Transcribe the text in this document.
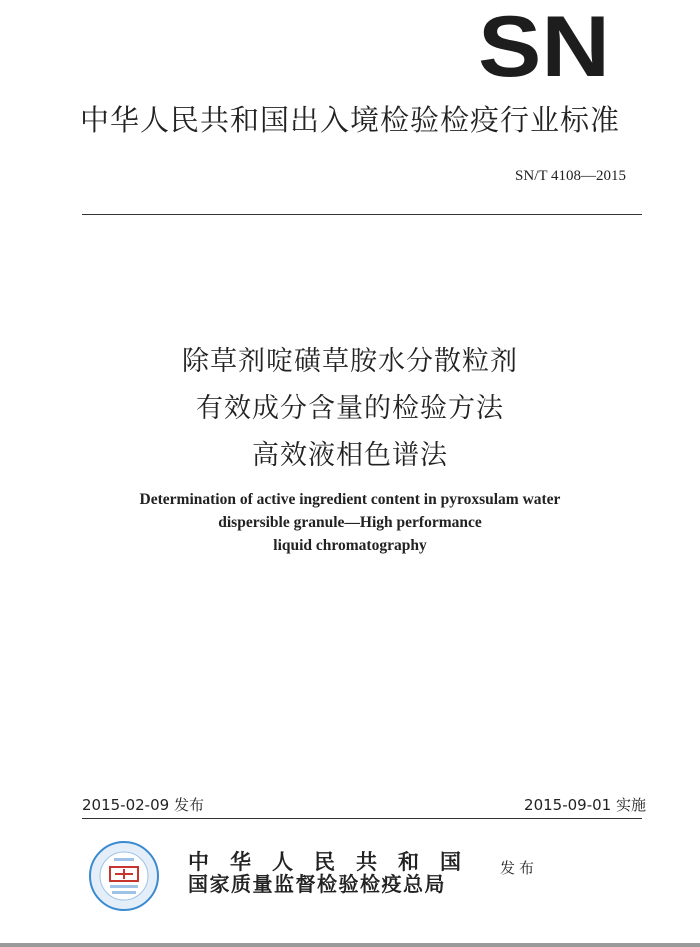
SN
中华人民共和国出入境检验检疫行业标准
SN/T 4108—2015
除草剂啶磺草胺水分散粒剂
有效成分含量的检验方法
高效液相色谱法
Determination of active ingredient content in pyroxsulam water
dispersible granule—High performance
liquid chromatography
2015-02-09 发布	2015-09-01 实施
中华人民共和国
国家质量监督检验检疫总局
发布
